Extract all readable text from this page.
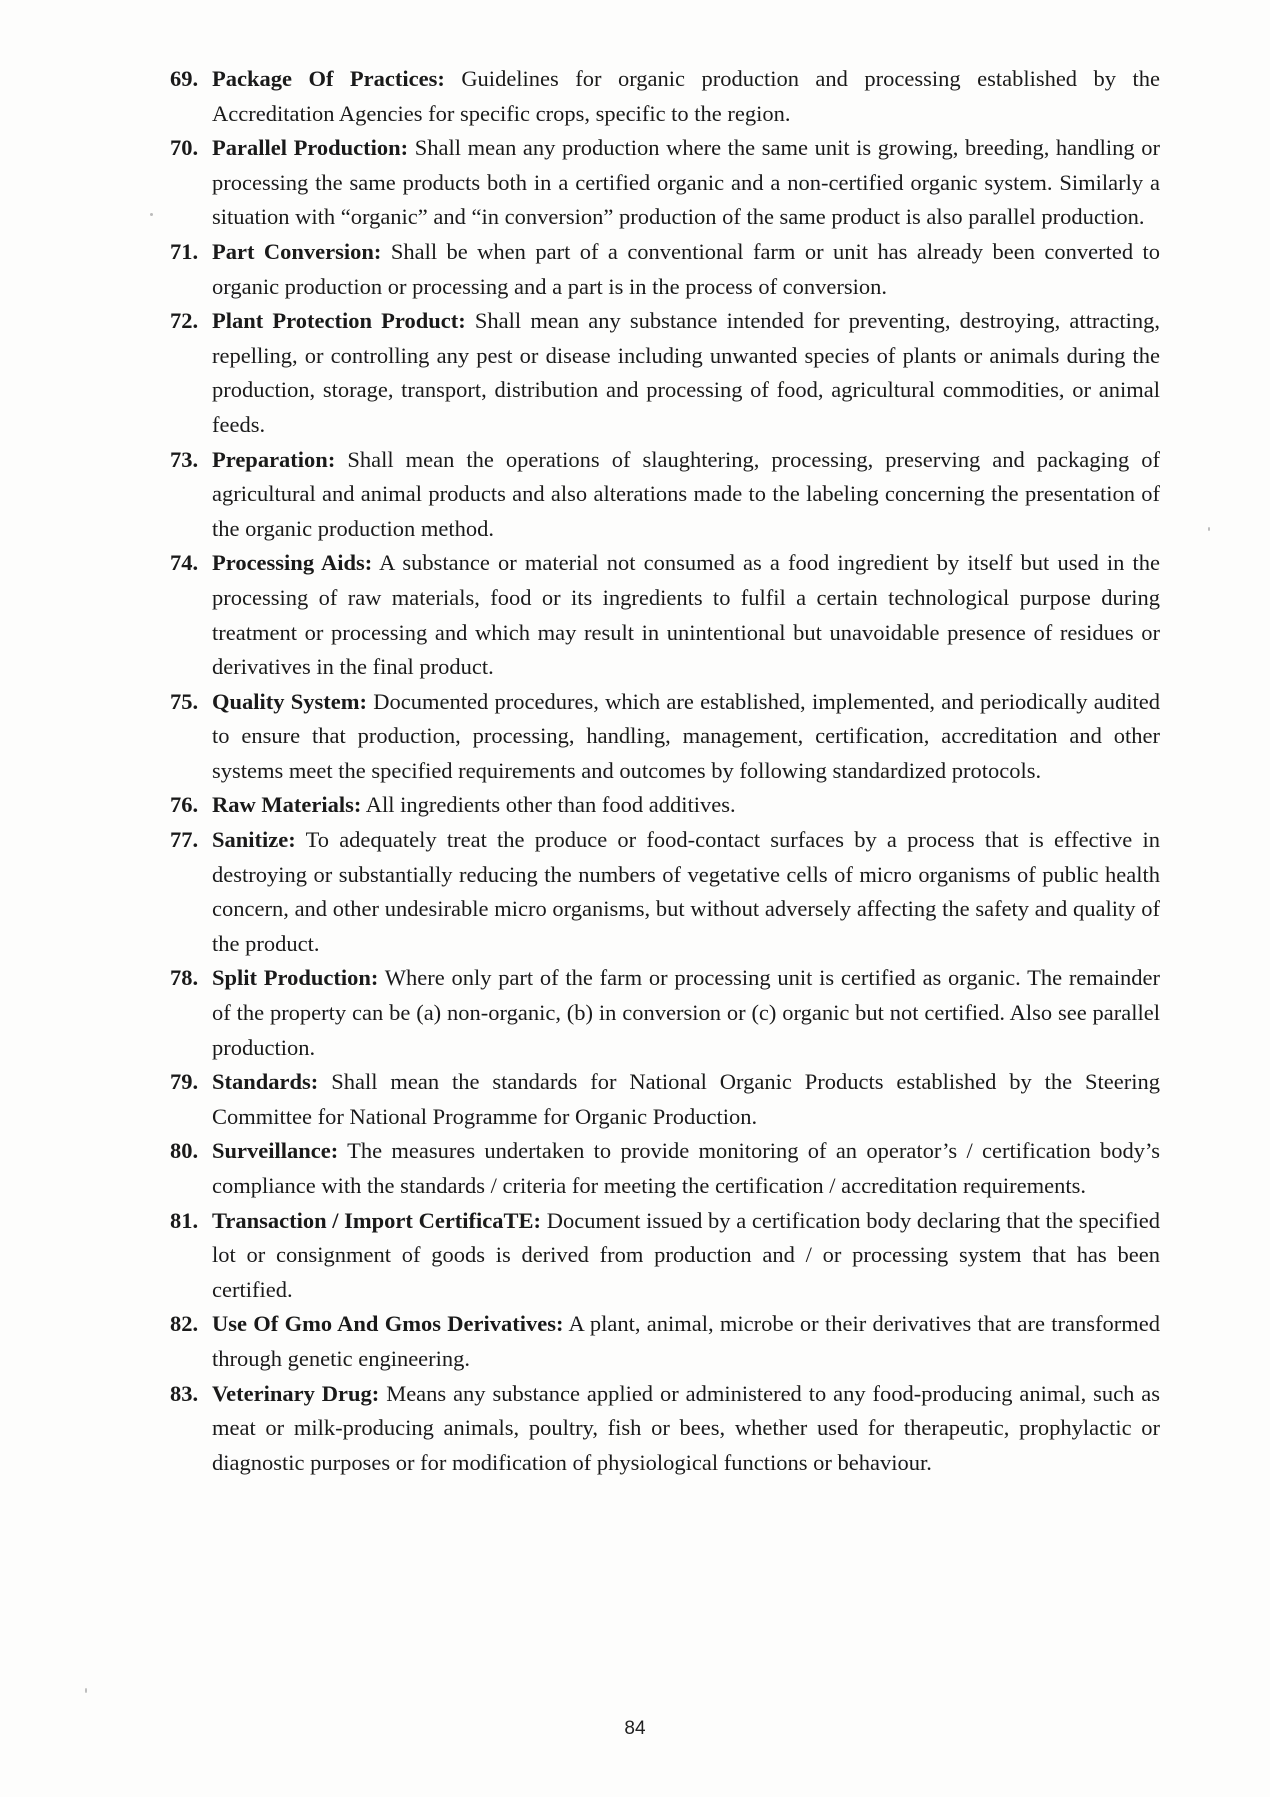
69. Package Of Practices: Guidelines for organic production and processing established by the Accreditation Agencies for specific crops, specific to the region.
70. Parallel Production: Shall mean any production where the same unit is growing, breeding, handling or processing the same products both in a certified organic and a non-certified organic system. Similarly a situation with “organic” and “in conversion” production of the same product is also parallel production.
71. Part Conversion: Shall be when part of a conventional farm or unit has already been converted to organic production or processing and a part is in the process of conversion.
72. Plant Protection Product: Shall mean any substance intended for preventing, destroying, attracting, repelling, or controlling any pest or disease including unwanted species of plants or animals during the production, storage, transport, distribution and processing of food, agricultural commodities, or animal feeds.
73. Preparation: Shall mean the operations of slaughtering, processing, preserving and packaging of agricultural and animal products and also alterations made to the labeling concerning the presentation of the organic production method.
74. Processing Aids: A substance or material not consumed as a food ingredient by itself but used in the processing of raw materials, food or its ingredients to fulfil a certain technological purpose during treatment or processing and which may result in unintentional but unavoidable presence of residues or derivatives in the final product.
75. Quality System: Documented procedures, which are established, implemented, and periodically audited to ensure that production, processing, handling, management, certification, accreditation and other systems meet the specified requirements and outcomes by following standardized protocols.
76. Raw Materials: All ingredients other than food additives.
77. Sanitize: To adequately treat the produce or food-contact surfaces by a process that is effective in destroying or substantially reducing the numbers of vegetative cells of micro organisms of public health concern, and other undesirable micro organisms, but without adversely affecting the safety and quality of the product.
78. Split Production: Where only part of the farm or processing unit is certified as organic. The remainder of the property can be (a) non-organic, (b) in conversion or (c) organic but not certified. Also see parallel production.
79. Standards: Shall mean the standards for National Organic Products established by the Steering Committee for National Programme for Organic Production.
80. Surveillance: The measures undertaken to provide monitoring of an operator’s / certification body’s compliance with the standards / criteria for meeting the certification / accreditation requirements.
81. Transaction / Import CertificaTE: Document issued by a certification body declaring that the specified lot or consignment of goods is derived from production and / or processing system that has been certified.
82. Use Of Gmo And Gmos Derivatives: A plant, animal, microbe or their derivatives that are transformed through genetic engineering.
83. Veterinary Drug: Means any substance applied or administered to any food-producing animal, such as meat or milk-producing animals, poultry, fish or bees, whether used for therapeutic, prophylactic or diagnostic purposes or for modification of physiological functions or behaviour.
84
